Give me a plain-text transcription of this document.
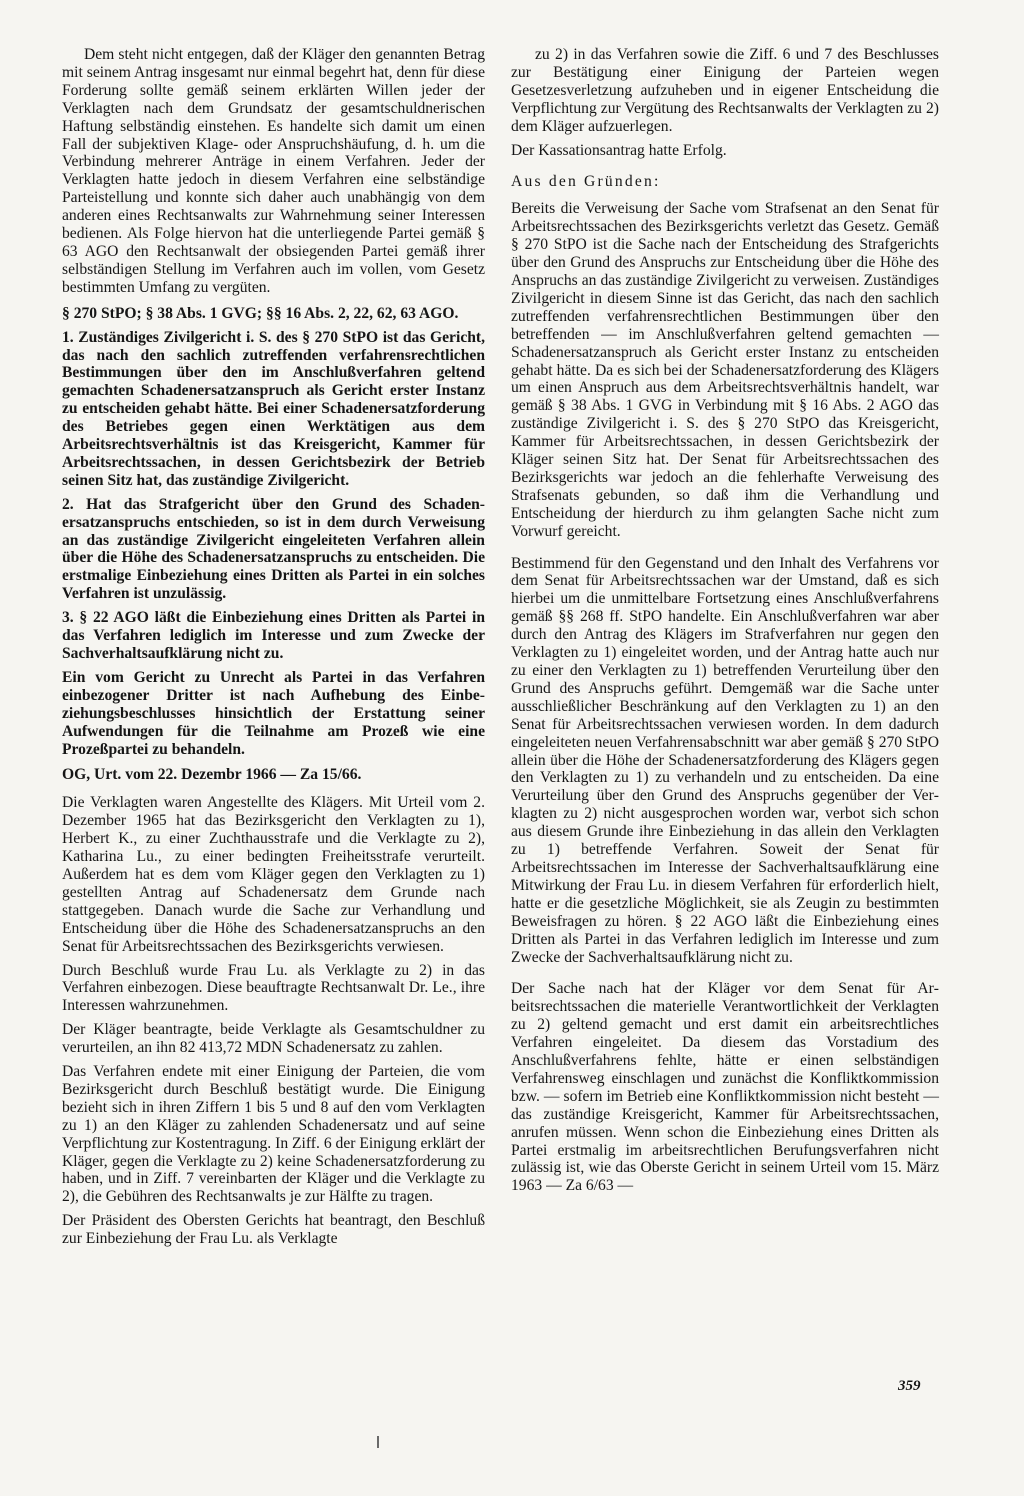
Dem steht nicht entgegen, daß der Kläger den genannten Betrag mit seinem Antrag insgesamt nur einmal begehrt hat, denn für diese Forderung sollte gemäß seinem erklärten Willen jeder der Verklagten nach dem Grundsatz der gesamtschuldnerischen Haftung selbständig einstehen. Es handelte sich damit um einen Fall der subjektiven Klage- oder Anspruchshäufung, d. h. um die Verbindung mehrerer Anträge in einem Verfahren. Jeder der Verklagten hatte jedoch in diesem Verfahren eine selbständige Parteistellung und konnte sich daher auch unabhängig von dem anderen eines Rechtsanwalts zur Wahrnehmung seiner Interessen bedienen. Als Folge hiervon hat die unterliegende Partei gemäß § 63 AGO den Rechtsanwalt der obsiegenden Partei gemäß ihrer selbständigen Stellung im Verfahren auch im vollen, vom Gesetz bestimmten Umfang zu vergüten.

§ 270 StPO; § 38 Abs. 1 GVG; §§ 16 Abs. 2, 22, 62, 63 AGO.

1. Zuständiges Zivilgericht i. S. des § 270 StPO ist das Gericht, das nach den sachlich zutreffenden verfahrensrechtlichen Bestimmungen über den im Anschlußverfahren geltend gemachten Schadenersatzanspruch als Gericht erster Instanz zu entscheiden gehabt hätte. Bei einer Schadenersatzforderung des Betriebes gegen einen Werktätigen aus dem Arbeitsrechtsverhältnis ist das Kreisgericht, Kammer für Arbeitsrechtssachen, in dessen Gerichtsbezirk der Betrieb seinen Sitz hat, das zuständige Zivilgericht.

2. Hat das Strafgericht über den Grund des Schadenersatzanspruchs entschieden, so ist in dem durch Verweisung an das zuständige Zivilgericht eingeleiteten Verfahren allein über die Höhe des Schadenersatzanspruchs zu entscheiden. Die erstmalige Einbeziehung eines Dritten als Partei in ein solches Verfahren ist unzulässig.

3. § 22 AGO läßt die Einbeziehung eines Dritten als Partei in das Verfahren lediglich im Interesse und zum Zwecke der Sachverhaltsaufklärung nicht zu.

Ein vom Gericht zu Unrecht als Partei in das Verfahren einbezogener Dritter ist nach Aufhebung des Einbeziehungsbeschlusses hinsichtlich der Erstattung seiner Aufwendungen für die Teilnahme am Prozeß wie eine Prozeßpartei zu behandeln.

OG, Urt. vom 22. Dezembr 1966 — Za 15/66.

Die Verklagten waren Angestellte des Klägers. Mit Urteil vom 2. Dezember 1965 hat das Bezirksgericht den Verklagten zu 1), Herbert K., zu einer Zuchthausstrafe und die Verklagte zu 2), Katharina Lu., zu einer bedingten Freiheitsstrafe verurteilt. Außerdem hat es dem vom Kläger gegen den Verklagten zu 1) gestellten Antrag auf Schadenersatz dem Grunde nach stattgegeben. Danach wurde die Sache zur Verhandlung und Entscheidung über die Höhe des Schadenersatzanspruchs an den Senat für Arbeitsrechtssachen des Bezirksgerichts verwiesen.

Durch Beschluß wurde Frau Lu. als Verklagte zu 2) in das Verfahren einbezogen. Diese beauftragte Rechtsanwalt Dr. Le., ihre Interessen wahrzunehmen.

Der Kläger beantragte, beide Verklagte als Gesamtschuldner zu verurteilen, an ihn 82 413,72 MDN Schadenersatz zu zahlen.

Das Verfahren endete mit einer Einigung der Parteien, die vom Bezirksgericht durch Beschluß bestätigt wurde. Die Einigung bezieht sich in ihren Ziffern 1 bis 5 und 8 auf den vom Verklagten zu 1) an den Kläger zu zahlenden Schadenersatz und auf seine Verpflichtung zur Kostentragung. In Ziff. 6 der Einigung erklärt der Kläger, gegen die Verklagte zu 2) keine Schadenersatzforderung zu haben, und in Ziff. 7 vereinbarten der Kläger und die Verklagte zu 2), die Gebühren des Rechtsanwalts je zur Hälfte zu tragen.

Der Präsident des Obersten Gerichts hat beantragt, den Beschluß zur Einbeziehung der Frau Lu. als Verklagte

zu 2) in das Verfahren sowie die Ziff. 6 und 7 des Beschlusses zur Bestätigung einer Einigung der Parteien wegen Gesetzesverletzung aufzuheben und in eigener Entscheidung die Verpflichtung zur Vergütung des Rechtsanwalts der Verklagten zu 2) dem Kläger aufzuerlegen.

Der Kassationsantrag hatte Erfolg.

Aus den Gründen:

Bereits die Verweisung der Sache vom Strafsenat an den Senat für Arbeitsrechtssachen des Bezirksgerichts verletzt das Gesetz. Gemäß § 270 StPO ist die Sache nach der Entscheidung des Strafgerichts über den Grund des Anspruchs zur Entscheidung über die Höhe des Anspruchs an das zuständige Zivilgericht zu verweisen. Zuständiges Zivilgericht in diesem Sinne ist das Gericht, das nach den sachlich zutreffenden verfahrensrechtlichen Bestimmungen über den betreffenden — im Anschlußverfahren geltend gemachten — Schadenersatzanspruch als Gericht erster Instanz zu entscheiden gehabt hätte. Da es sich bei der Schadenersatzforderung des Klägers um einen Anspruch aus dem Arbeitsrechtsverhältnis handelt, war gemäß § 38 Abs. 1 GVG in Verbindung mit § 16 Abs. 2 AGO das zuständige Zivilgericht i. S. des § 270 StPO das Kreisgericht, Kammer für Arbeitsrechtssachen, in dessen Gerichtsbezirk der Kläger seinen Sitz hat. Der Senat für Arbeitsrechtssachen des Bezirksgerichts war jedoch an die fehlerhafte Verweisung des Strafsenats gebunden, so daß ihm die Verhandlung und Entscheidung der hierdurch zu ihm gelangten Sache nicht zum Vorwurf gereicht.

Bestimmend für den Gegenstand und den Inhalt des Verfahrens vor dem Senat für Arbeitsrechtssachen war der Umstand, daß es sich hierbei um die unmittelbare Fortsetzung eines Anschlußverfahrens gemäß §§ 268 ff. StPO handelte. Ein Anschlußverfahren war aber durch den Antrag des Klägers im Strafverfahren nur gegen den Verklagten zu 1) eingeleitet worden, und der Antrag hatte auch nur zu einer den Verklagten zu 1) betreffenden Verurteilung über den Grund des Anspruchs geführt. Demgemäß war die Sache unter ausschließlicher Beschränkung auf den Verklagten zu 1) an den Senat für Arbeitsrechtssachen verwiesen worden. In dem dadurch eingeleiteten neuen Verfahrensabschnitt war aber gemäß § 270 StPO allein über die Höhe der Schadenersatzforderung des Klägers gegen den Verklagten zu 1) zu verhandeln und zu entscheiden. Da eine Verurteilung über den Grund des Anspruchs gegenüber der Verklagten zu 2) nicht ausgesprochen worden war, verbot sich schon aus diesem Grunde ihre Einbeziehung in das allein den Verklagten zu 1) betreffende Verfahren. Soweit der Senat für Arbeitsrechtssachen im Interesse der Sachverhaltsaufklärung eine Mitwirkung der Frau Lu. in diesem Verfahren für erforderlich hielt, hatte er die gesetzliche Möglichkeit, sie als Zeugin zu bestimmten Beweisfragen zu hören. § 22 AGO läßt die Einbeziehung eines Dritten als Partei in das Verfahren lediglich im Interesse und zum Zwecke der Sachverhaltsaufklärung nicht zu.

Der Sache nach hat der Kläger vor dem Senat für Arbeitsrechtssachen die materielle Verantwortlichkeit der Verklagten zu 2) geltend gemacht und erst damit ein arbeitsrechtliches Verfahren eingeleitet. Da diesem das Vorstadium des Anschlußverfahrens fehlte, hätte er einen selbständigen Verfahrensweg einschlagen und zunächst die Konfliktkommission bzw. — sofern im Betrieb eine Konfliktkommission nicht besteht — das zuständige Kreisgericht, Kammer für Arbeitsrechtssachen, anrufen müssen. Wenn schon die Einbeziehung eines Dritten als Partei erstmalig im arbeitsrechtlichen Berufungsverfahren nicht zulässig ist, wie das Oberste Gericht in seinem Urteil vom 15. März 1963 — Za 6/63 —

359
